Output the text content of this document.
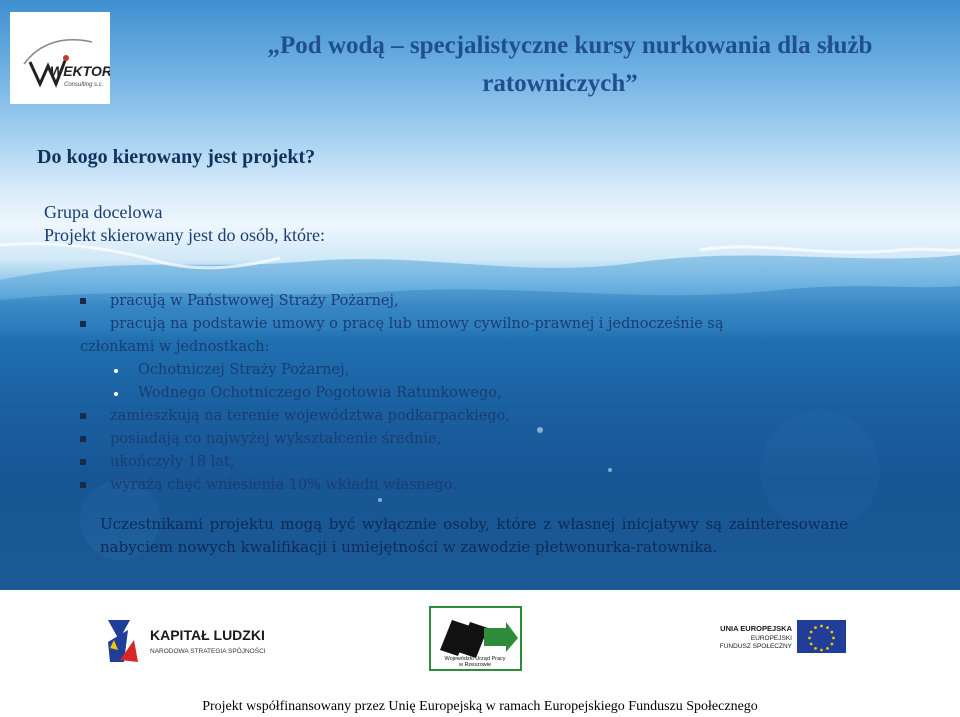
WEKTOR
Consulting s.c.
„Pod wodą – specjalistyczne kursy nurkowania dla służb
ratowniczych”
Do kogo kierowany jest projekt?
Grupa docelowa
Projekt skierowany jest do osób, które:
pracują w Państwowej Straży Pożarnej,
pracują na podstawie umowy o pracę lub umowy cywilno-prawnej i jednocześnie są
członkami w jednostkach:
Ochotniczej Straży Pożarnej,
Wodnego Ochotniczego Pogotowia Ratunkowego,
zamieszkują na terenie województwa podkarpackiego,
posiadają co najwyżej wykształcenie średnie,
ukończyły 18 lat,
wyrażą chęć wniesienia 10% wkładu własnego.
Uczestnikami projektu mogą być wyłącznie osoby, które z własnej inicjatywy są zainteresowane nabyciem nowych kwalifikacji i umiejętności w zawodzie płetwonurka-ratownika.
KAPITAŁ LUDZKI
NARODOWA STRATEGIA SPÓJNOŚCI
Wojewódzki Urząd Pracy
w Rzeszowie
UNIA EUROPEJSKA
EUROPEJSKI
FUNDUSZ SPOŁECZNY
Projekt współfinansowany przez Unię Europejską w ramach Europejskiego Funduszu Społecznego
